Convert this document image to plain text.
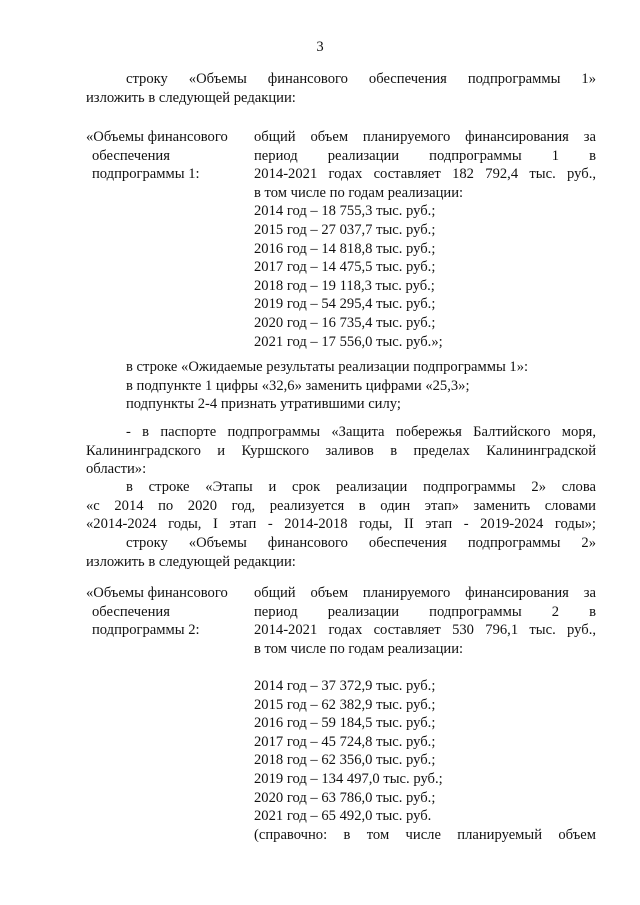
3
строку «Объемы финансового обеспечения подпрограммы 1»
изложить в следующей редакции:
«Объемы финансового
обеспечения
подпрограммы 1:
общий объем планируемого финансирования за
период реализации подпрограммы 1 в
2014-2021 годах составляет 182 792,4 тыс. руб.,
в том числе по годам реализации:
2014 год – 18 755,3 тыс. руб.;
2015 год – 27 037,7 тыс. руб.;
2016 год – 14 818,8 тыс. руб.;
2017 год – 14 475,5 тыс. руб.;
2018 год – 19 118,3 тыс. руб.;
2019 год – 54 295,4 тыс. руб.;
2020 год – 16 735,4 тыс. руб.;
2021 год – 17 556,0 тыс. руб.»;
в строке «Ожидаемые результаты реализации подпрограммы 1»:
в подпункте 1 цифры «32,6» заменить цифрами «25,3»;
подпункты 2-4 признать утратившими силу;
- в паспорте подпрограммы «Защита побережья Балтийского моря,
Калининградского и Куршского заливов в пределах Калининградской
области»:
в строке «Этапы и срок реализации подпрограммы 2» слова
«с 2014 по 2020 год, реализуется в один этап» заменить словами
«2014-2024 годы, I этап - 2014-2018 годы, II этап - 2019-2024 годы»;
строку «Объемы финансового обеспечения подпрограммы 2»
изложить в следующей редакции:
«Объемы финансового
обеспечения
подпрограммы 2:
общий объем планируемого финансирования за
период реализации подпрограммы 2 в
2014-2021 годах составляет 530 796,1 тыс. руб.,
в том числе по годам реализации:
2014 год – 37 372,9 тыс. руб.;
2015 год – 62 382,9 тыс. руб.;
2016 год – 59 184,5 тыс. руб.;
2017 год – 45 724,8 тыс. руб.;
2018 год – 62 356,0 тыс. руб.;
2019 год – 134 497,0 тыс. руб.;
2020 год – 63 786,0 тыс. руб.;
2021 год – 65 492,0 тыс. руб.
(справочно: в том числе планируемый объем
